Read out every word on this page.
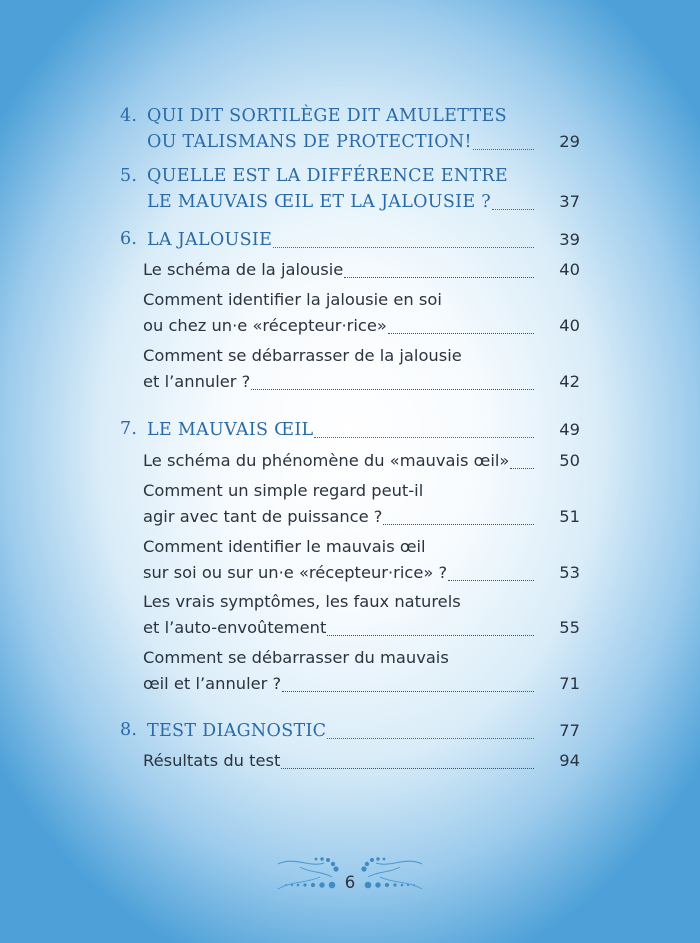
4. QUI DIT SORTILÈGE DIT AMULETTES
OU TALISMANS DE PROTECTION!	29
5. QUELLE EST LA DIFFÉRENCE ENTRE
LE MAUVAIS ŒIL ET LA JALOUSIE ?	37
6. LA JALOUSIE	39
Le schéma de la jalousie	40
Comment identifier la jalousie en soi
ou chez un·e «récepteur·rice»	40
Comment se débarrasser de la jalousie
et l’annuler ?	42
7. LE MAUVAIS ŒIL	49
Le schéma du phénomène du «mauvais œil»	50
Comment un simple regard peut-il
agir avec tant de puissance ?	51
Comment identifier le mauvais œil
sur soi ou sur un·e «récepteur·rice» ?	53
Les vrais symptômes, les faux naturels
et l’auto-envoûtement	55
Comment se débarrasser du mauvais
œil et l’annuler ?	71
8. TEST DIAGNOSTIC	77
Résultats du test	94
6
